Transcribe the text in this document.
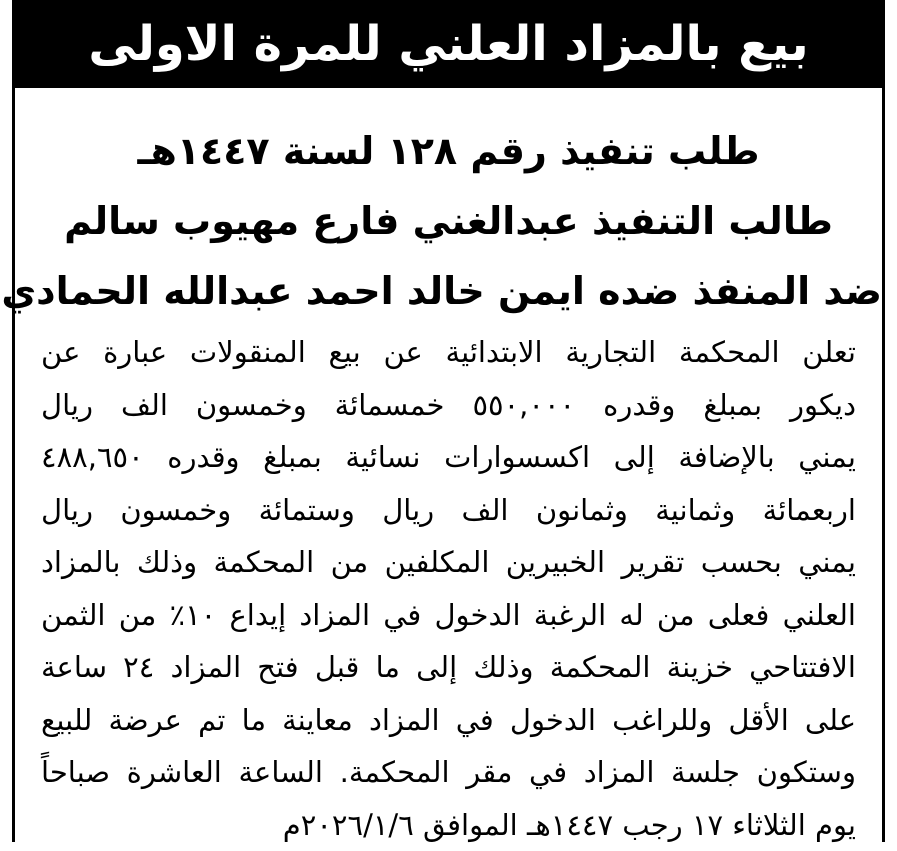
بيع بالمزاد العلني للمرة الاولى
طلب تنفيذ رقم ١٢٨ لسنة ١٤٤٧هـ
طالب التنفيذ عبدالغني فارع مهيوب سالم
ضد المنفذ ضده ايمن خالد احمد عبدالله الحمادي
تعلن المحكمة التجارية الابتدائية عن بيع المنقولات عبارة عن
ديكور بمبلغ وقدره ٥٥٠,٠٠٠ خمسمائة وخمسون الف ريال
يمني بالإضافة إلى اكسسوارات نسائية بمبلغ وقدره ٤٨٨,٦٥٠
اربعمائة وثمانية وثمانون الف ريال وستمائة وخمسون ريال
يمني بحسب تقرير الخبيرين المكلفين من المحكمة وذلك بالمزاد
العلني فعلى من له الرغبة الدخول في المزاد إيداع ١٠٪ من الثمن
الافتتاحي خزينة المحكمة وذلك إلى ما قبل فتح المزاد ٢٤ ساعة
على الأقل وللراغب الدخول في المزاد معاينة ما تم عرضة للبيع
وستكون جلسة المزاد في مقر المحكمة. الساعة العاشرة صباحاً
يوم الثلاثاء ١٧ رجب ١٤٤٧هـ الموافق ٢٠٢٦/١/٦م
